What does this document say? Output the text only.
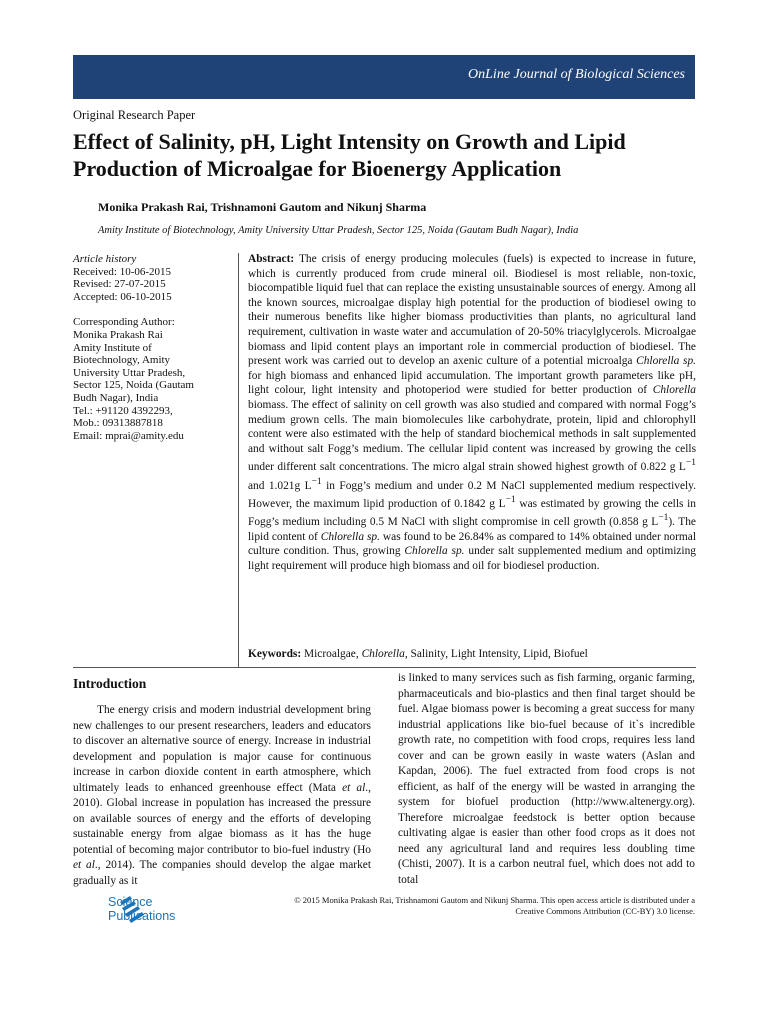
OnLine Journal of Biological Sciences
Original Research Paper
Effect of Salinity, pH, Light Intensity on Growth and Lipid Production of Microalgae for Bioenergy Application
Monika Prakash Rai, Trishnamoni Gautom and Nikunj Sharma
Amity Institute of Biotechnology, Amity University Uttar Pradesh, Sector 125, Noida (Gautam Budh Nagar), India
Article history
Received: 10-06-2015
Revised: 27-07-2015
Accepted: 06-10-2015
Corresponding Author:
Monika Prakash Rai
Amity Institute of
Biotechnology, Amity
University Uttar Pradesh,
Sector 125, Noida (Gautam
Budh Nagar), India
Tel.: +91120 4392293,
Mob.: 09313887818
Email: mprai@amity.edu
Abstract: The crisis of energy producing molecules (fuels) is expected to increase in future, which is currently produced from crude mineral oil. Biodiesel is most reliable, non-toxic, biocompatible liquid fuel that can replace the existing unsustainable sources of energy. Among all the known sources, microalgae display high potential for the production of biodiesel owing to their numerous benefits like higher biomass productivities than plants, no agricultural land requirement, cultivation in waste water and accumulation of 20-50% triacylglycerols. Microalgae biomass and lipid content plays an important role in commercial production of biodiesel. The present work was carried out to develop an axenic culture of a potential microalga Chlorella sp. for high biomass and enhanced lipid accumulation. The important growth parameters like pH, light colour, light intensity and photoperiod were studied for better production of Chlorella biomass. The effect of salinity on cell growth was also studied and compared with normal Fogg’s medium grown cells. The main biomolecules like carbohydrate, protein, lipid and chlorophyll content were also estimated with the help of standard biochemical methods in salt supplemented and without salt Fogg’s medium. The cellular lipid content was increased by growing the cells under different salt concentrations. The micro algal strain showed highest growth of 0.822 g $L^{-1}$ and 1.021g $L^{-1}$ in Fogg’s medium and under 0.2 M NaCl supplemented medium respectively. However, the maximum lipid production of 0.1842 g $L^{-1}$ was estimated by growing the cells in Fogg’s medium including 0.5 M NaCl with slight compromise in cell growth (0.858 g $L^{-1}$). The lipid content of Chlorella sp. was found to be 26.84% as compared to 14% obtained under normal culture condition. Thus, growing Chlorella sp. under salt supplemented medium and optimizing light requirement will produce high biomass and oil for biodiesel production.
Keywords: Microalgae, Chlorella, Salinity, Light Intensity, Lipid, Biofuel
Introduction
The energy crisis and modern industrial development bring new challenges to our present researchers, leaders and educators to discover an alternative source of energy. Increase in industrial development and population is major cause for continuous increase in carbon dioxide content in earth atmosphere, which ultimately leads to enhanced greenhouse effect (Mata et al., 2010). Global increase in population has increased the pressure on available sources of energy and the efforts of developing sustainable energy from algae biomass as it has the huge potential of becoming major contributor to bio-fuel industry (Ho et al., 2014). The companies should develop the algae market gradually as it
is linked to many services such as fish farming, organic farming, pharmaceuticals and bio-plastics and then final target should be fuel. Algae biomass power is becoming a great success for many industrial applications like bio-fuel because of it`s incredible growth rate, no competition with food crops, requires less land cover and can be grown easily in waste waters (Aslan and Kapdan, 2006). The fuel extracted from food crops is not efficient, as half of the energy will be wasted in arranging the system for biofuel production (http://www.altenergy.org). Therefore microalgae feedstock is better option because cultivating algae is easier than other food crops as it does not need any agricultural land and requires less doubling time (Chisti, 2007). It is a carbon neutral fuel, which does not add to total
Science
Publications
© 2015 Monika Prakash Rai, Trishnamoni Gautom and Nikunj Sharma. This open access article is distributed under a
Creative Commons Attribution (CC-BY) 3.0 license.
